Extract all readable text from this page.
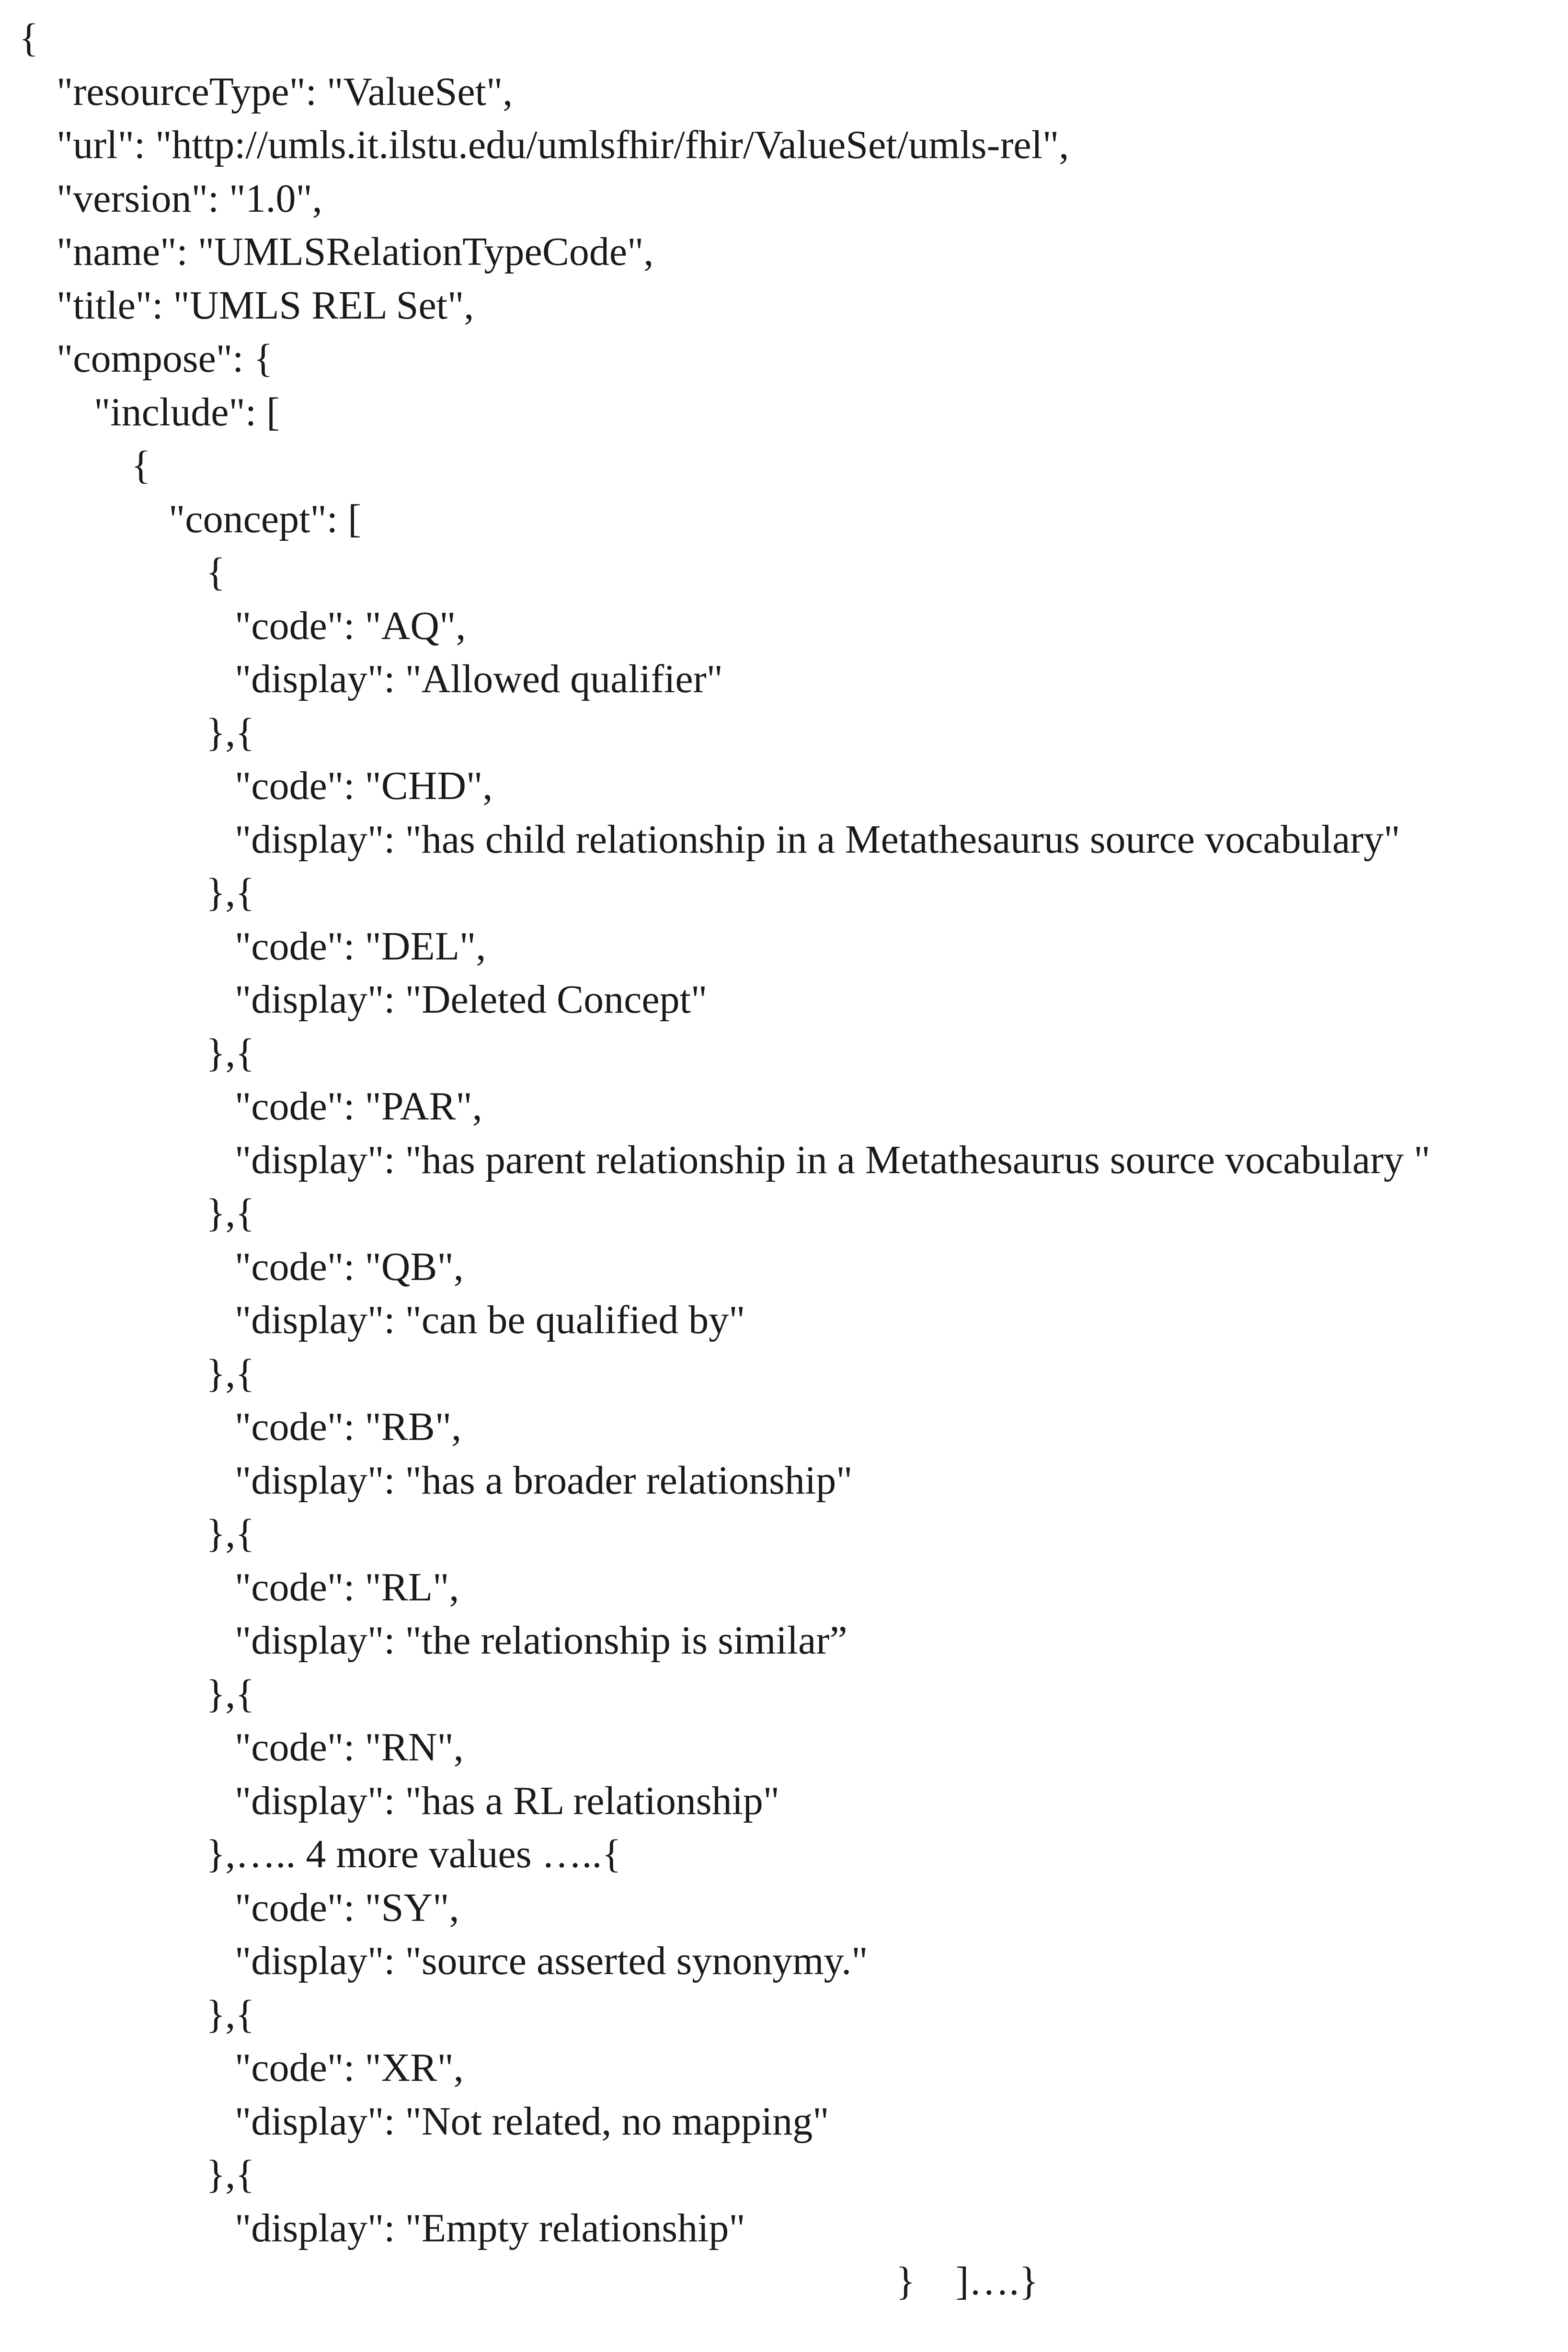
{
"resourceType": "ValueSet",
"url": "http://umls.it.ilstu.edu/umlsfhir/fhir/ValueSet/umls-rel",
"version": "1.0",
"name": "UMLSRelationTypeCode",
"title": "UMLS REL Set",
"compose": {
"include": [
{
"concept": [
{
"code": "AQ",
"display": "Allowed qualifier"
},{
"code": "CHD",
"display": "has child relationship in a Metathesaurus source vocabulary"
},{
"code": "DEL",
"display": "Deleted Concept"
},{
"code": "PAR",
"display": "has parent relationship in a Metathesaurus source vocabulary "
},{
"code": "QB",
"display": "can be qualified by"
},{
"code": "RB",
"display": "has a broader relationship"
},{
"code": "RL",
"display": "the relationship is similar”
},{
"code": "RN",
"display": "has a RL relationship"
},….. 4 more values …..{
"code": "SY",
"display": "source asserted synonymy."
},{
"code": "XR",
"display": "Not related, no mapping"
},{
"display": "Empty relationship"
}    ]….}
